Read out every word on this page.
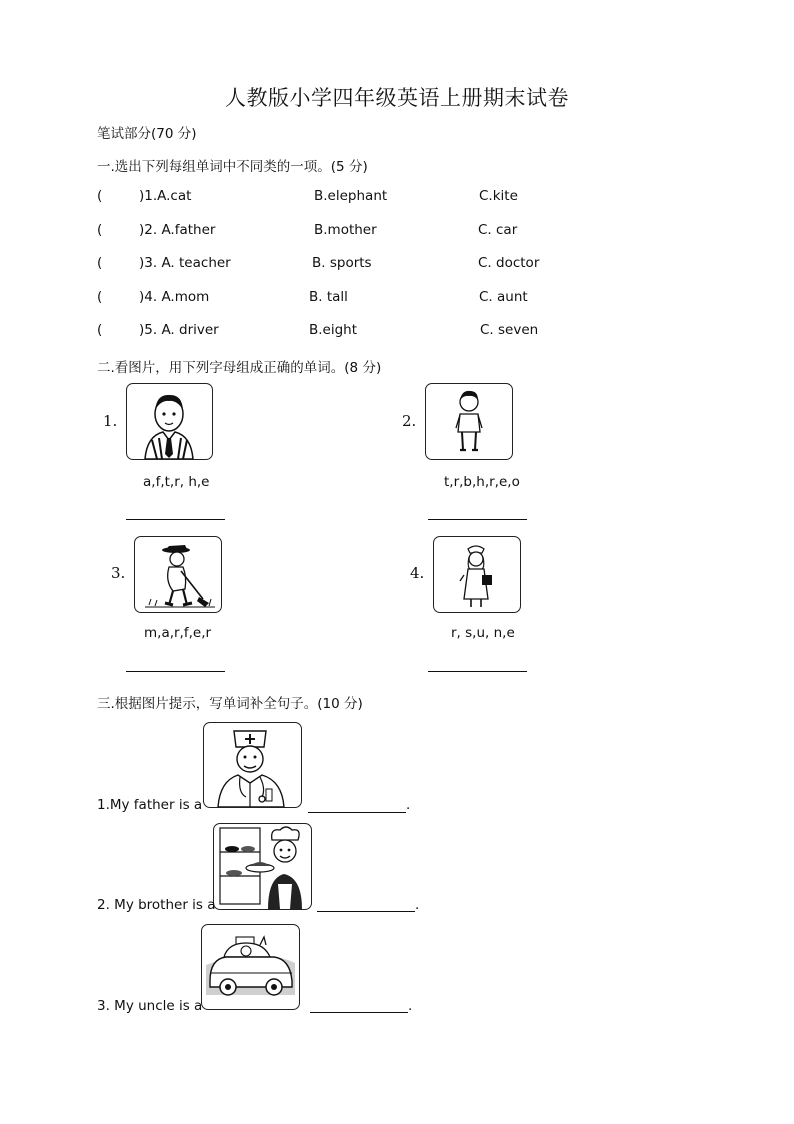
人教版小学四年级英语上册期末试卷
笔试部分(70 分)
一.选出下列每组单词中不同类的一项。(5 分)
(	)1.A.cat	B.elephant	C.kite
(	)2. A.father	B.mother	C. car
(	)3. A. teacher	B. sports	C. doctor
(	)4. A.mom	B. tall	C. aunt
(	)5. A. driver	B.eight	C. seven
二.看图片，用下列字母组成正确的单词。(8 分)
1.
a,f,t,r, h,e
2.
t,r,b,h,r,e,o
3.
m,a,r,f,e,r
4.
r, s,u, n,e
三.根据图片提示，写单词补全句子。(10 分)
1.My father is a	.
2. My brother is a	.
3. My uncle is a	.
